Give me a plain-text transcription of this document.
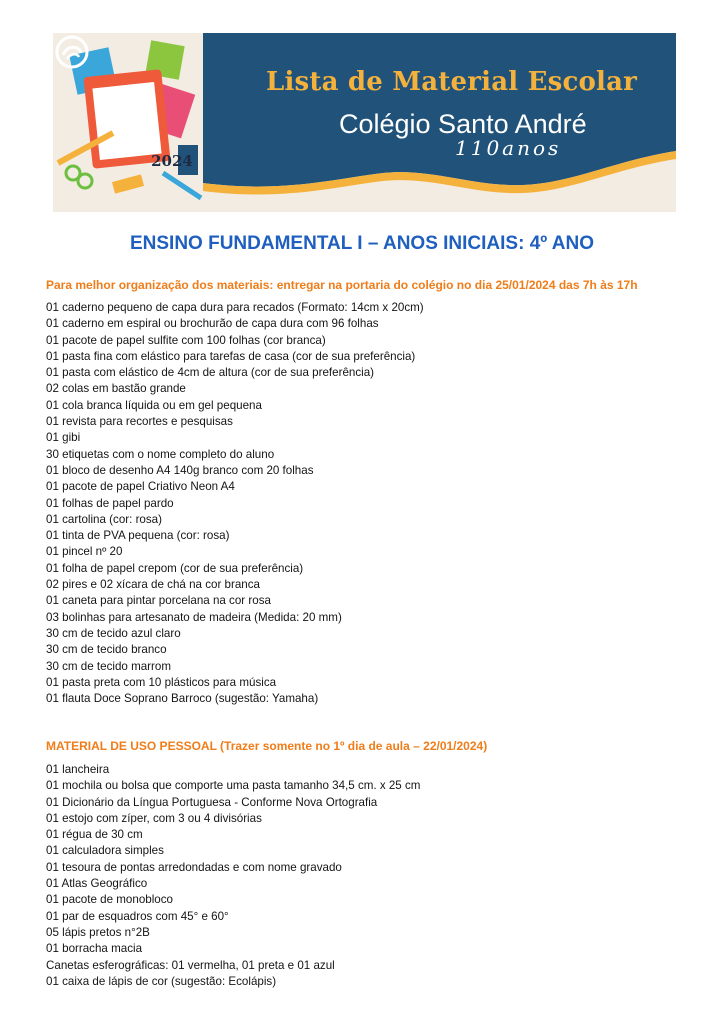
2024
Lista de Material Escolar
Colégio Santo André
110anos
ENSINO FUNDAMENTAL I – ANOS INICIAIS: 4º ANO
Para melhor organização dos materiais: entregar na portaria do colégio no dia 25/01/2024 das 7h às 17h
01 caderno pequeno de capa dura para recados (Formato: 14cm x 20cm)
01 caderno em espiral ou brochurão de capa dura com 96 folhas
01 pacote de papel sulfite com 100 folhas (cor branca)
01 pasta fina com elástico para tarefas de casa (cor de sua preferência)
01 pasta com elástico de 4cm de altura (cor de sua preferência)
02 colas em bastão grande
01 cola branca líquida ou em gel pequena
01 revista para recortes e pesquisas
01 gibi
30 etiquetas com o nome completo do aluno
01 bloco de desenho A4 140g branco com 20 folhas
01 pacote de papel Criativo Neon A4
01 folhas de papel pardo
01 cartolina (cor: rosa)
01 tinta de PVA pequena (cor: rosa)
01 pincel nº 20
01 folha de papel crepom (cor de sua preferência)
02 pires e 02 xícara de chá na cor branca
01 caneta para pintar porcelana na cor rosa
03 bolinhas para artesanato de madeira (Medida: 20 mm)
30 cm de tecido azul claro
30 cm de tecido branco
30 cm de tecido marrom
01 pasta preta com 10 plásticos para música
01 flauta Doce Soprano Barroco (sugestão: Yamaha)
MATERIAL DE USO PESSOAL (Trazer somente no 1º dia de aula – 22/01/2024)
01 lancheira
01 mochila ou bolsa que comporte uma pasta tamanho 34,5 cm. x 25 cm
01 Dicionário da Língua Portuguesa - Conforme Nova Ortografia
01 estojo com zíper, com 3 ou 4 divisórias
01 régua de 30 cm
01 calculadora simples
01 tesoura de pontas arredondadas e com nome gravado
01 Atlas Geográfico
01 pacote de monobloco
01 par de esquadros com 45° e 60°
05 lápis pretos n°2B
01 borracha macia
Canetas esferográficas: 01 vermelha, 01 preta e 01 azul
01 caixa de lápis de cor (sugestão: Ecolápis)
